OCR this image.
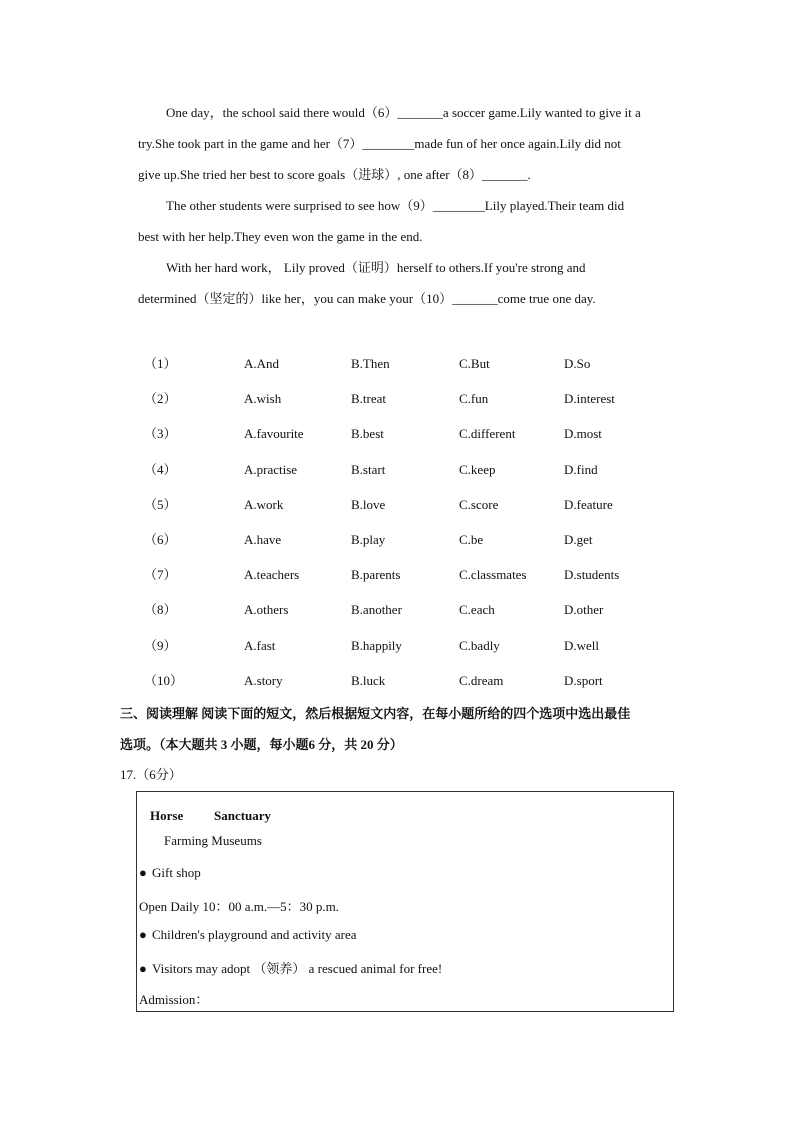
One day，the school said there would（6）_______a soccer game.Lily wanted to give it a

try.She took part in the game and her（7）________made fun of her once again.Lily did not

give up.She tried her best to score goals（进球）, one after（8）_______.

The other students were surprised to see how（9）________Lily played.Their team did

best with her help.They even won the game in the end.

With her hard work， Lily proved（证明）herself to others.If you're strong and

determined（坚定的）like her，you can make your（10）_______come true one day.

（1）	A.And	B.Then	C.But	D.So
（2）	A.wish	B.treat	C.fun	D.interest
（3）	A.favourite	B.best	C.different	D.most
（4）	A.practise	B.start	C.keep	D.find
（5）	A.work	B.love	C.score	D.feature
（6）	A.have	B.play	C.be	D.get
（7）	A.teachers	B.parents	C.classmates	D.students
（8）	A.others	B.another	C.each	D.other
（9）	A.fast	B.happily	C.badly	D.well
（10）	A.story	B.luck	C.dream	D.sport

三、阅读理解 阅读下面的短文，然后根据短文内容，在每小题所给的四个选项中选出最佳

选项。（本大题共 3 小题，每小题6 分，共 20 分）

17.（6分）
Horse Sanctuary
Farming Museums
● Gift shop
Open Daily 10：00 a.m.—5：30 p.m.
● Children's playground and activity area
● Visitors may adopt （领养） a rescued animal for free!
Admission：
